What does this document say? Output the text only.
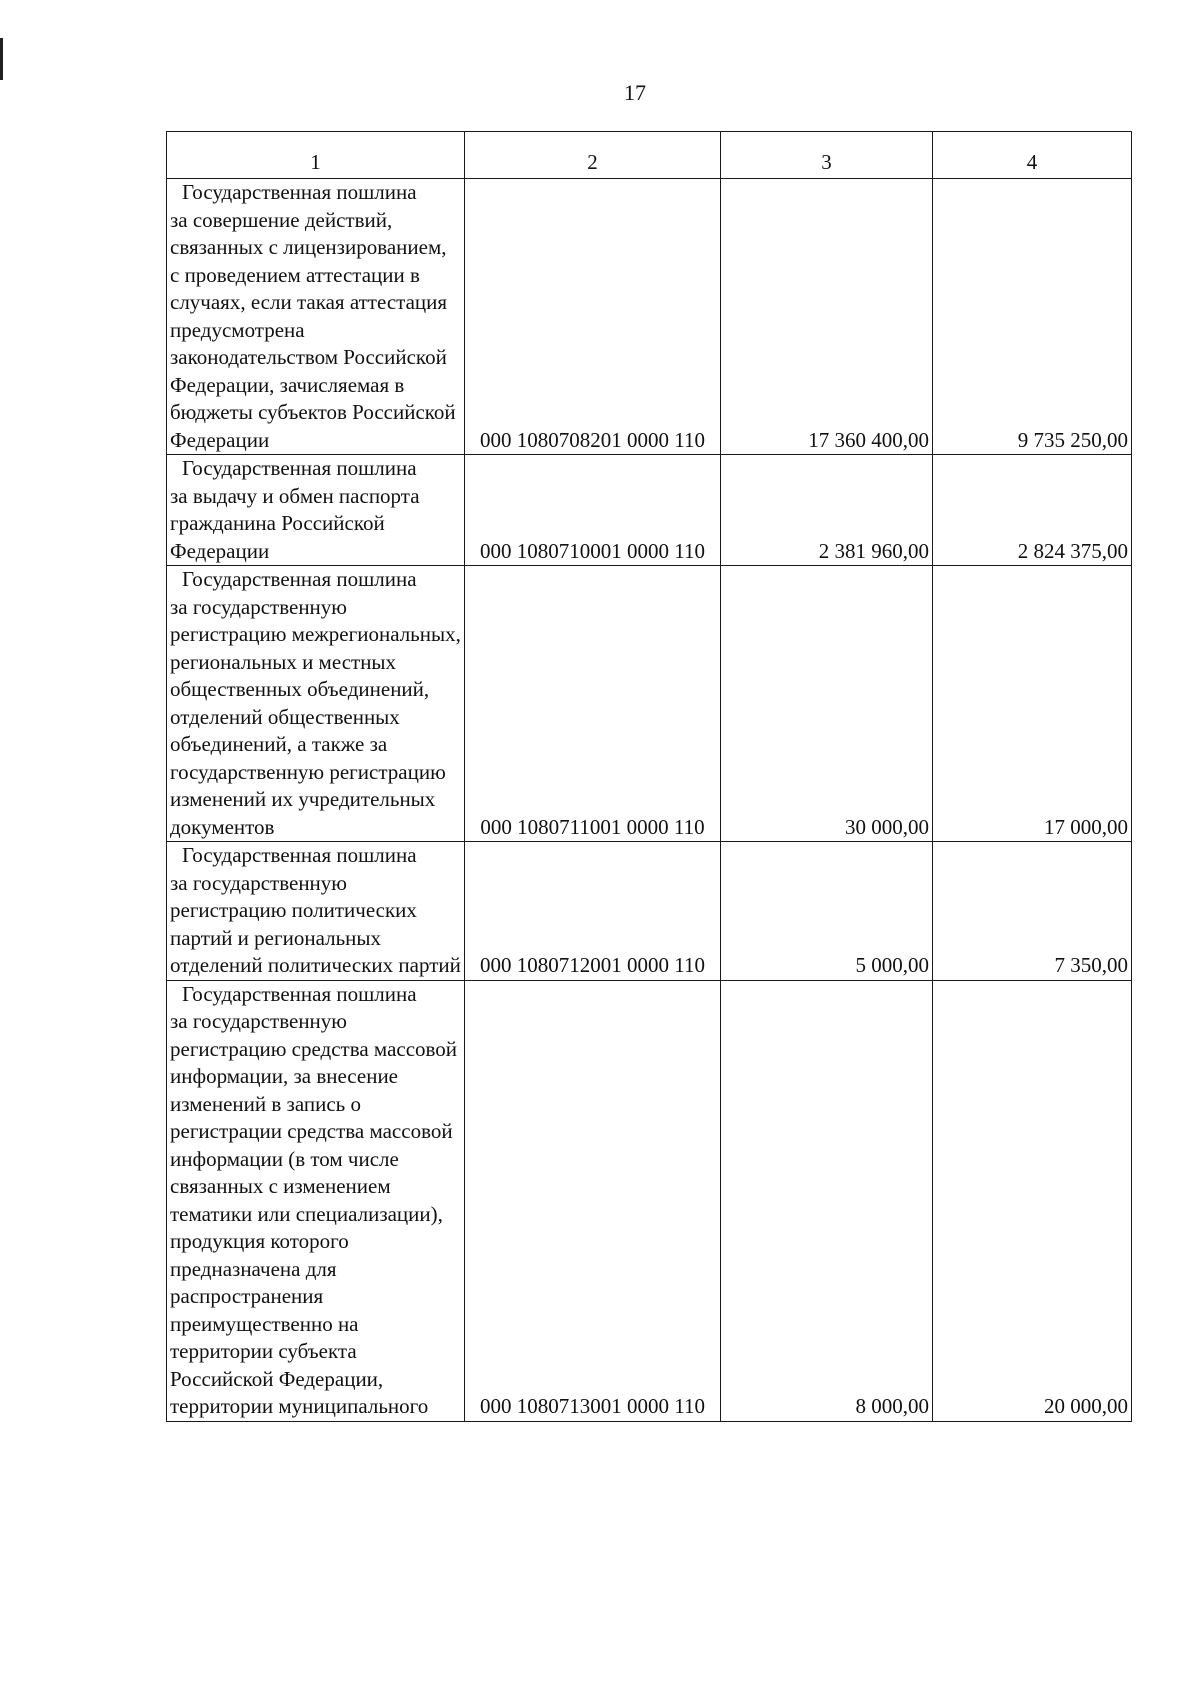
17
1	2	3	4

Государственная пошлина
за совершение действий, связанных с лицензированием, с проведением аттестации в случаях, если такая аттестация предусмотрена законодательством Российской Федерации, зачисляемая в бюджеты субъектов Российской Федерации	000 1080708201 0000 110	17 360 400,00	9 735 250,00

Государственная пошлина
за выдачу и обмен паспорта гражданина Российской Федерации	000 1080710001 0000 110	2 381 960,00	2 824 375,00

Государственная пошлина
за государственную регистрацию межрегиональных, региональных и местных общественных объединений, отделений общественных объединений, а также за государственную регистрацию изменений их учредительных документов	000 1080711001 0000 110	30 000,00	17 000,00

Государственная пошлина
за государственную регистрацию политических партий и региональных отделений политических партий	000 1080712001 0000 110	5 000,00	7 350,00

Государственная пошлина
за государственную регистрацию средства массовой информации, за внесение изменений в запись о регистрации средства массовой информации (в том числе связанных с изменением тематики или специализации), продукция которого предназначена для распространения преимущественно на территории субъекта Российской Федерации, территории муниципального	000 1080713001 0000 110	8 000,00	20 000,00
